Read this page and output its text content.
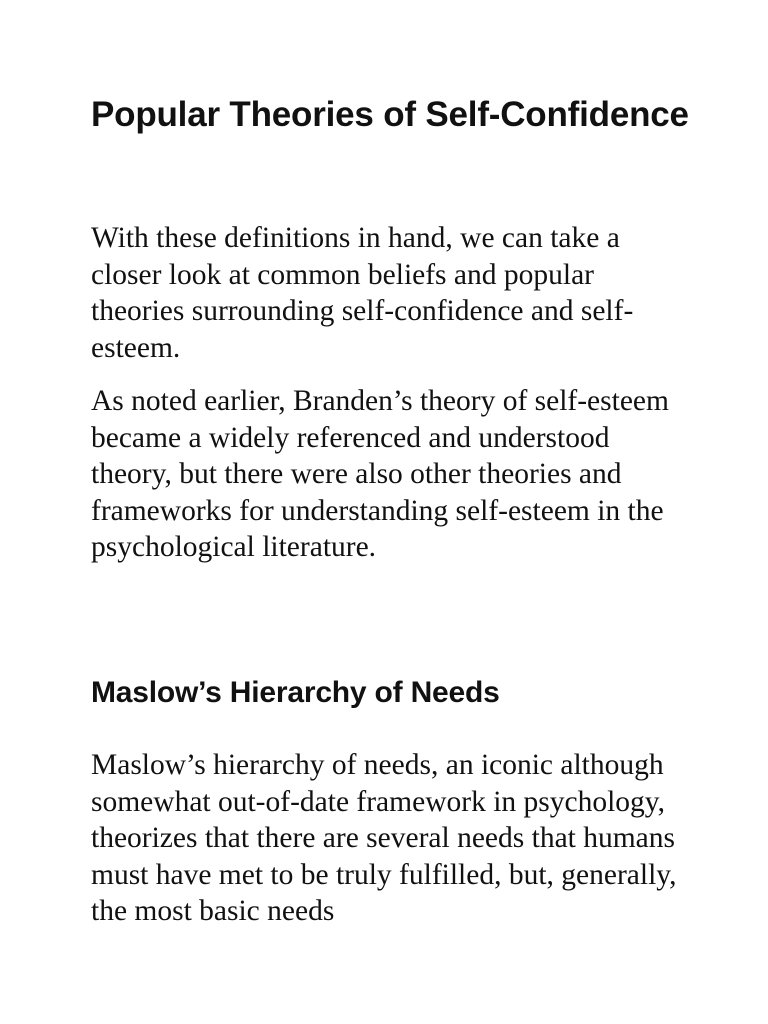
Popular Theories of Self-Confidence

With these definitions in hand, we can take a closer look at common beliefs and popular theories surrounding self-confidence and self-esteem.

As noted earlier, Branden’s theory of self-esteem became a widely referenced and understood theory, but there were also other theories and frameworks for understanding self-esteem in the psychological literature.

Maslow’s Hierarchy of Needs

Maslow’s hierarchy of needs, an iconic although somewhat out-of-date framework in psychology, theorizes that there are several needs that humans must have met to be truly fulfilled, but, generally, the most basic needs
